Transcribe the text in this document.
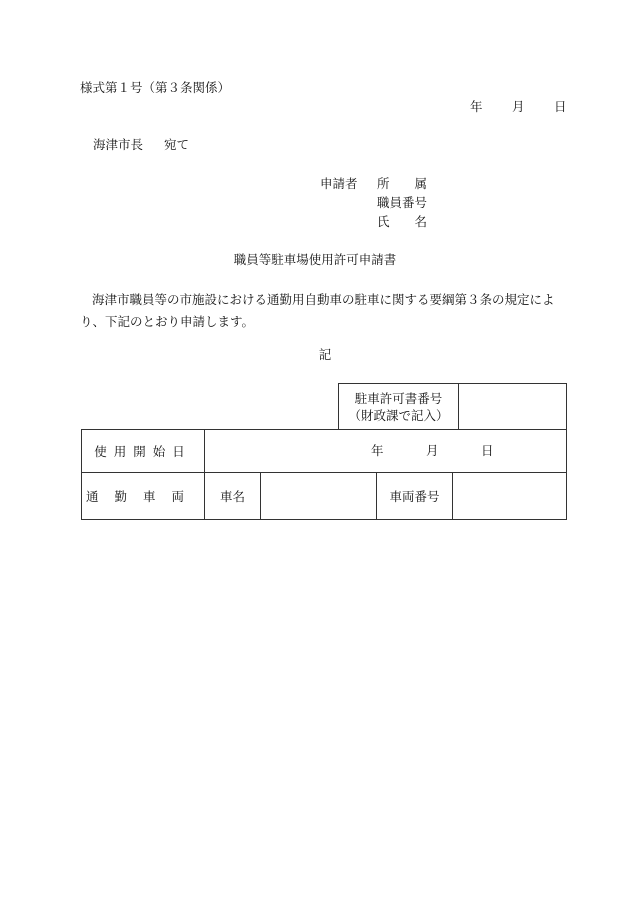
様式第１号（第３条関係）
年 月 日
海津市長 宛て
申請者 所　　属
職員番号
氏　　名
職員等駐車場使用許可申請書
海津市職員等の市施設における通勤用自動車の駐車に関する要綱第３条の規定により、下記のとおり申請します。
記
駐車許可書番号
（財政課で記入）

使用開始日	年 月 日			

通勤車両	車名		車両番号	
